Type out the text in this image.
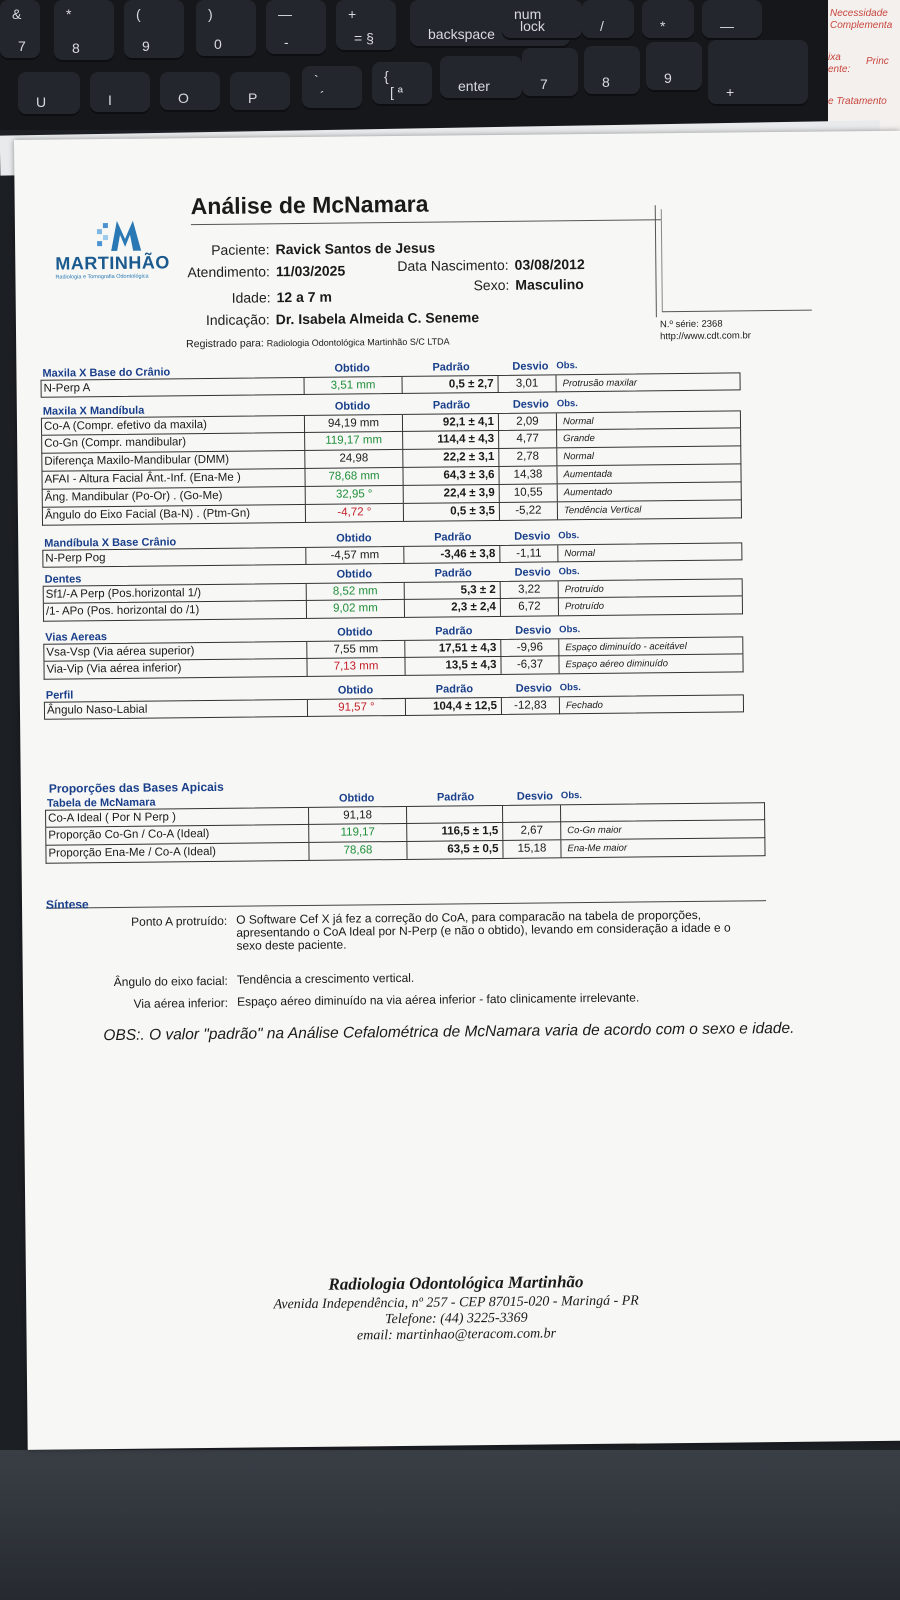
&
7
*
8
(
9
)
0
—
-
+
= §	backspace
num
lock	/	*	—
U	I	O	P
`
´
{
[ ª	enter	7	8	9
+
Necessidade
Complementa
ixa	Princ
ente:
e Tratamento
Análise de McNamara
MARTINHÃO
Radiologia e Tomografia Odontológica
Paciente: Ravick Santos de Jesus
Atendimento: 11/03/2025	Data Nascimento: 03/08/2012
Idade: 12 a 7 m
Sexo: Masculino
Indicação: Dr. Isabela Almeida C. Seneme
Registrado para: Radiologia Odontológica Martinhão S/C LTDA
N.º série: 2368
http://www.cdt.com.br
Maxila X Base do Crânio	Obtido	Padrão	Desvio Obs.
N-Perp A	3,51 mm	0,5 ± 2,7	3,01	Protrusão maxilar
Maxila X Mandíbula	Obtido	Padrão	Desvio Obs.
Co-A (Compr. efetivo da maxila)	94,19 mm	92,1 ± 4,1	2,09	Normal
Co-Gn (Compr. mandibular)	119,17 mm	114,4 ± 4,3	4,77	Grande
Diferença Maxilo-Mandibular (DMM)	24,98	22,2 ± 3,1	2,78	Normal
AFAI - Altura Facial Ânt.-Inf. (Ena-Me )	78,68 mm	64,3 ± 3,6	14,38	Aumentada
Âng. Mandibular (Po-Or) . (Go-Me)	32,95 °	22,4 ± 3,9	10,55	Aumentado
Ângulo do Eixo Facial (Ba-N) . (Ptm-Gn)	-4,72 °	0,5 ± 3,5	-5,22	Tendência Vertical
Mandíbula X Base Crânio	Obtido	Padrão	Desvio Obs.
N-Perp Pog	-4,57 mm	-3,46 ± 3,8	-1,11	Normal
Dentes	Obtido	Padrão	Desvio Obs.
Sf1/-A Perp (Pos.horizontal 1/)	8,52 mm	5,3 ± 2	3,22	Protruído
/1- APo (Pos. horizontal do /1)	9,02 mm	2,3 ± 2,4	6,72	Protruído
Vias Aereas	Obtido	Padrão	Desvio Obs.
Vsa-Vsp (Via aérea superior)	7,55 mm	17,51 ± 4,3	-9,96	Espaço diminuído - aceitável
Via-Vip (Via aérea inferior)	7,13 mm	13,5 ± 4,3	-6,37	Espaço aéreo diminuído
Perfil	Obtido	Padrão	Desvio Obs.
Ângulo Naso-Labial	91,57 °	104,4 ± 12,5	-12,83	Fechado
Proporções das Bases Apicais
Tabela de McNamara	Obtido	Padrão	Desvio Obs.
Co-A Ideal ( Por N Perp )	91,18
Proporção Co-Gn / Co-A (Ideal)	119,17	116,5 ± 1,5	2,67	Co-Gn maior
Proporção Ena-Me / Co-A (Ideal)	78,68	63,5 ± 0,5	15,18	Ena-Me maior
Síntese
Ponto A protruído: O Software Cef X já fez a correção do CoA, para comparacão na tabela de proporções, apresentando o CoA Ideal por N-Perp (e não o obtido), levando em consideração a idade e o sexo deste paciente.
Ângulo do eixo facial: Tendência a crescimento vertical.
Via aérea inferior: Espaço aéreo diminuído na via aérea inferior - fato clinicamente irrelevante.
OBS:. O valor "padrão" na Análise Cefalométrica de McNamara varia de acordo com o sexo e idade.
Radiologia Odontológica Martinhão
Avenida Independência, nº 257 - CEP 87015-020 - Maringá - PR
Telefone: (44) 3225-3369
email: martinhao@teracom.com.br
